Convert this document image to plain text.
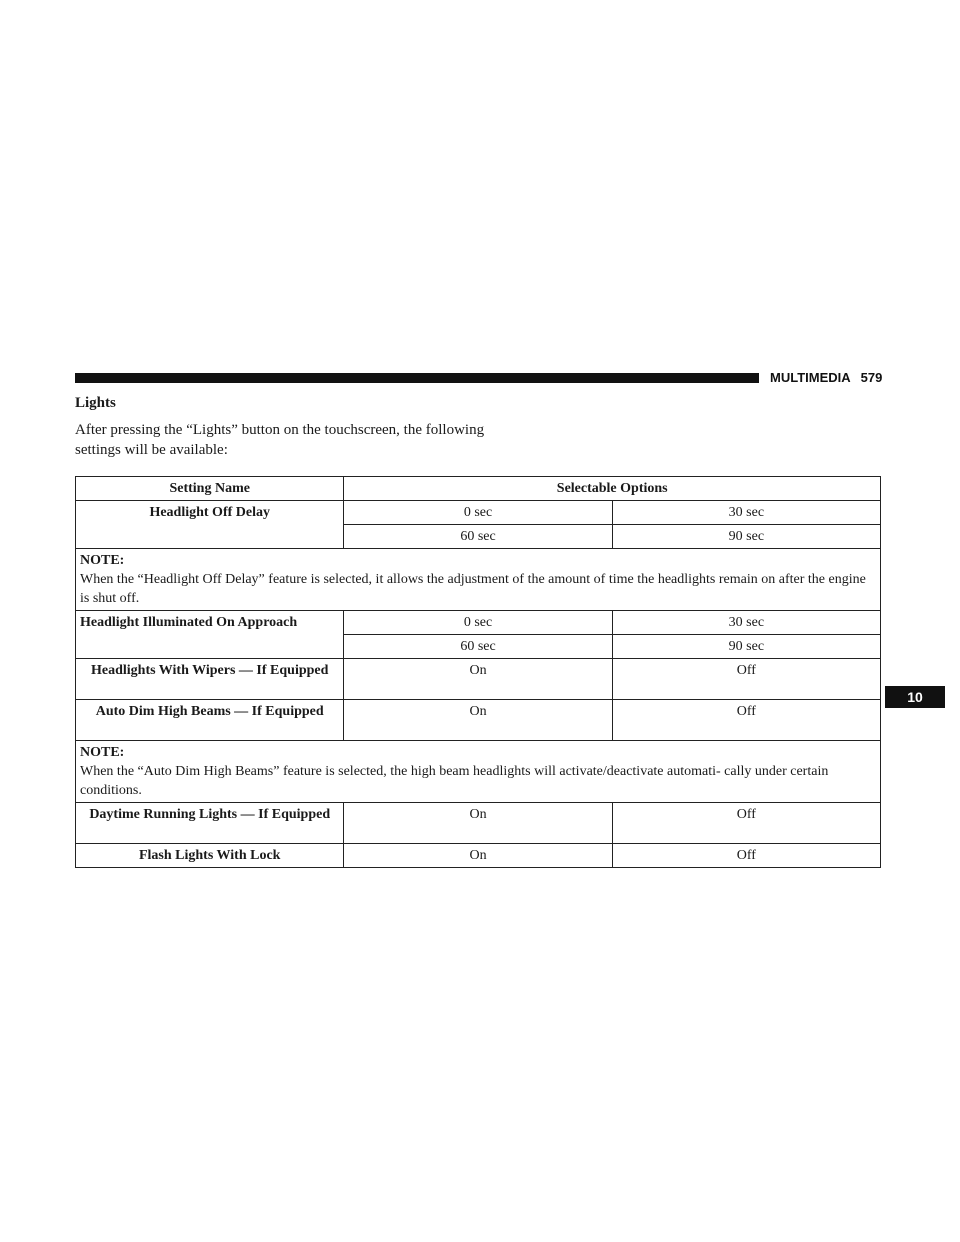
MULTIMEDIA 579
10
Lights
After pressing the “Lights” button on the touchscreen, the following settings will be available:
Setting Name	Selectable Options	
Headlight Off Delay	0 sec	30 sec
	60 sec	90 sec

NOTE:
When the “Headlight Off Delay” feature is selected, it allows the adjustment of the amount of time the headlights remain on after the engine is shut off.		
Headlight Illuminated On Approach	0 sec	30 sec
	60 sec	90 sec
Headlights With Wipers — If Equipped	On	Off
Auto Dim High Beams — If Equipped	On	Off

NOTE:
When the “Auto Dim High Beams” feature is selected, the high beam headlights will activate/deactivate automati- cally under certain conditions.		
Daytime Running Lights — If Equipped	On	Off
Flash Lights With Lock	On	Off
